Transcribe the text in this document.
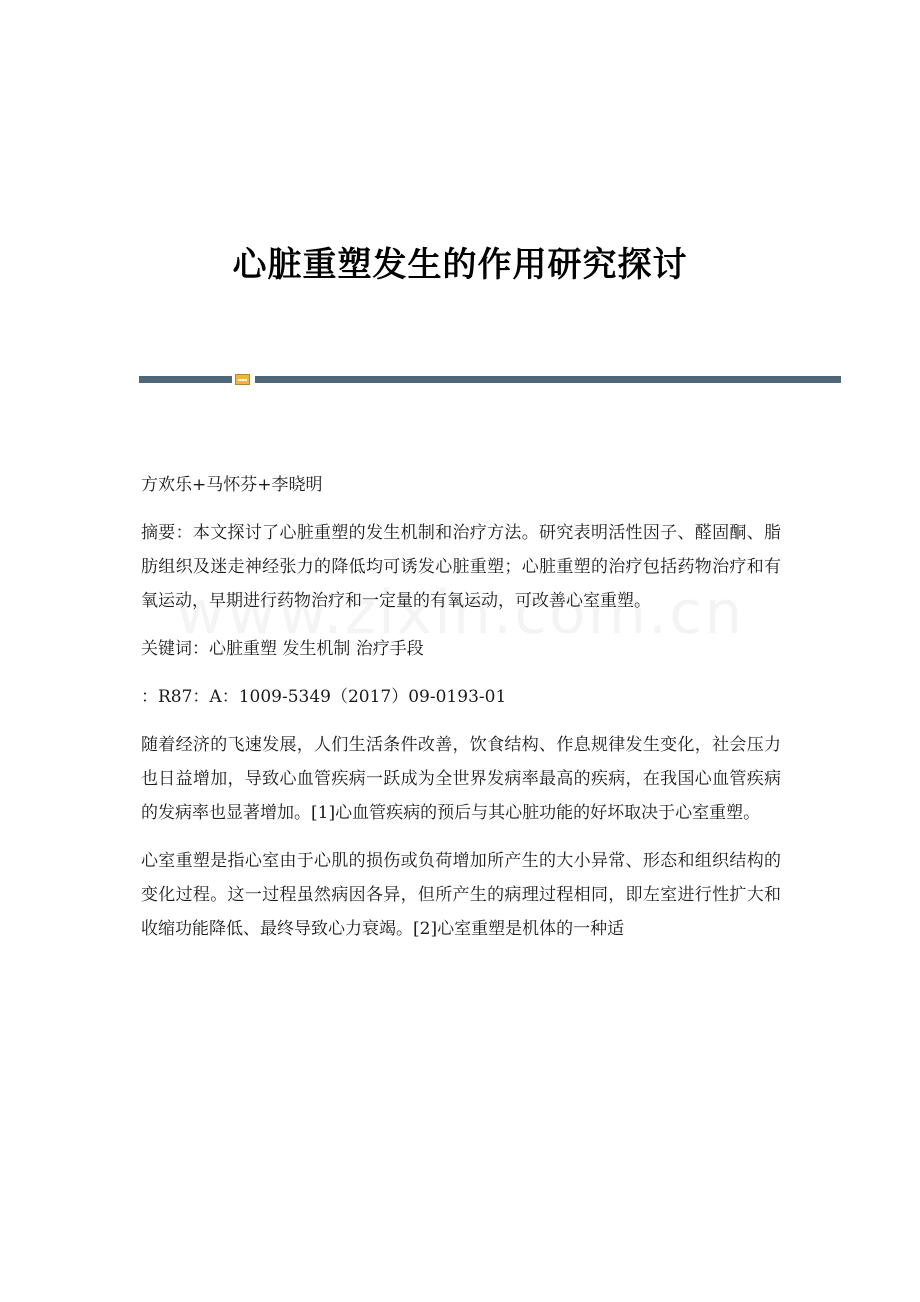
心脏重塑发生的作用研究探讨

方欢乐+马怀芬+李晓明

摘要：本文探讨了心脏重塑的发生机制和治疗方法。研究表明活性因子、醛固酮、脂肪组织及迷走神经张力的降低均可诱发心脏重塑；心脏重塑的治疗包括药物治疗和有氧运动，早期进行药物治疗和一定量的有氧运动，可改善心室重塑。

关键词：心脏重塑 发生机制 治疗手段

：R87：A：1009-5349（2017）09-0193-01

随着经济的飞速发展，人们生活条件改善，饮食结构、作息规律发生变化，社会压力也日益增加，导致心血管疾病一跃成为全世界发病率最高的疾病，在我国心血管疾病的发病率也显著增加。[1]心血管疾病的预后与其心脏功能的好坏取决于心室重塑。

心室重塑是指心室由于心肌的损伤或负荷增加所产生的大小异常、形态和组织结构的变化过程。这一过程虽然病因各异，但所产生的病理过程相同，即左室进行性扩大和收缩功能降低、最终导致心力衰竭。[2]心室重塑是机体的一种适
